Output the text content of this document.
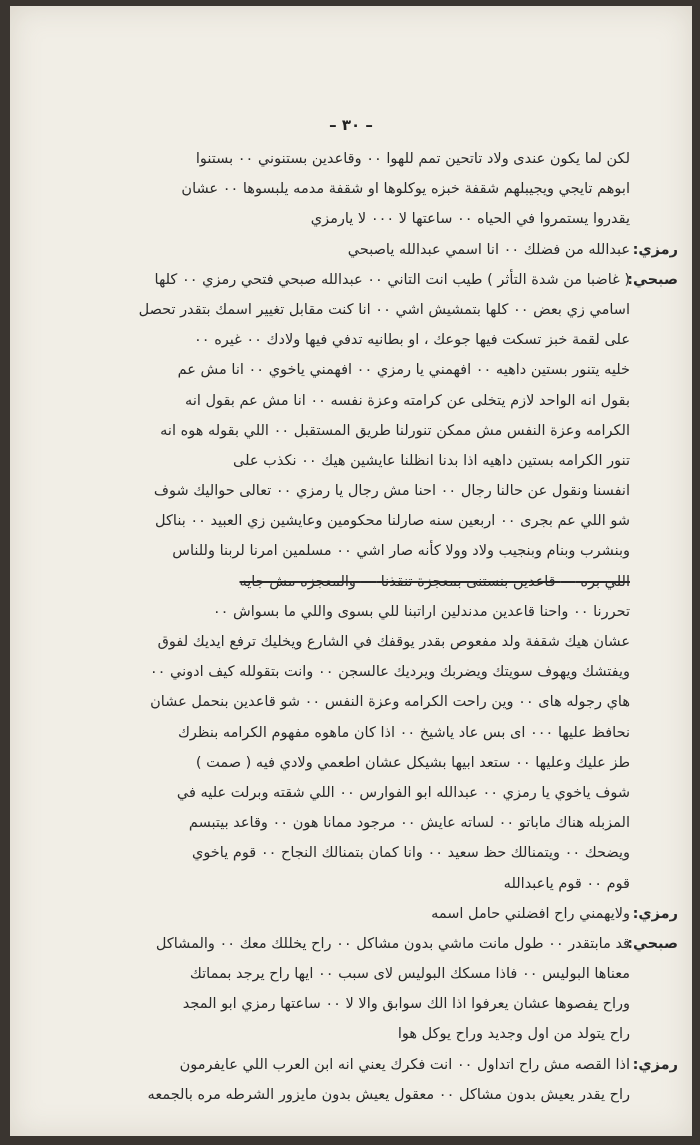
– ٣٠ –
لكن لما يكون عندى ولاد تاتحين تمم للهوا ٠٠ وقاعدين بستنوني ٠٠ بستنوا
ابوهم تايجي ويجيبلهم شقفة خبزه يوكلوها او شقفة مدمه يلبسوها ٠٠ عشان
يقدروا يستمروا في الحياه ٠٠ ساعتها لا ٠٠٠ لا يارمزي
رمزي:
عبدالله من فضلك ٠٠ انا اسمي عبدالله ياصبحي
صبحي:
( غاضبا من شدة التأثر ) طيب انت التاني ٠٠ عبدالله صبحي فتحي رمزي ٠٠ كلها
اسامي زي بعض ٠٠ كلها بتمشيش اشي ٠٠ انا كنت مقابل تغيير اسمك بتقدر تحصل
على لقمة خبز تسكت فيها جوعك ، او بطانيه تدفي فيها ولادك ٠٠ غيره ٠٠
خليه يتنور بستين داهيه ٠٠ افهمني يا رمزي ٠٠ افهمني ياخوي ٠٠ انا مش عم
بقول انه الواحد لازم يتخلى عن كرامته وعزة نفسه ٠٠ انا مش عم بقول انه
الكرامه وعزة النفس مش ممكن تنورلنا طريق المستقبل ٠٠ اللي بقوله هوه انه
تنور الكرامه بستين داهيه اذا بدنا انظلنا عايشين هيك ٠٠ نكذب على
انفسنا ونقول عن حالنا رجال ٠٠ احنا مش رجال يا رمزي ٠٠ تعالى حواليك شوف
شو اللي عم بجرى ٠٠ اربعين سنه صارلنا محكومين وعايشين زي العبيد ٠٠ بناكل
وبنشرب وبنام وبنجيب ولاد وولا كأنه صار اشي ٠٠ مسلمين امرنا لربنا وللناس
اللي بره ٠٠ قاعدين بنستنى بمعجزة تنقذنا ٠٠ والمعجزه مش جايه
تحررنا ٠٠ واحنا قاعدين مدندلين اراتبنا للي بسوى واللي ما بسواش ٠٠
عشان هيك شقفة ولد مفعوص بقدر يوقفك في الشارع ويخليك ترفع ايديك لفوق
ويفتشك ويهوف سويتك ويضربك ويرديك عالسجن ٠٠ وانت بتقولله كيف ادوني ٠٠
هاي رجوله هاى ٠٠ وين راحت الكرامه وعزة النفس ٠٠ شو قاعدين بنحمل عشان
نحافظ عليها ٠٠٠ اى بس عاد ياشيخ ٠٠ اذا كان ماهوه مفهوم الكرامه بنظرك
طز عليك وعليها ٠٠ ستعد ابيها بشيكل عشان اطعمي ولادي فيه ( صمت )
شوف ياخوي يا رمزي ٠٠ عبدالله ابو الفوارس ٠٠ اللي شقته وبرلت عليه في
المزبله هناك ماباتو ٠٠ لساته عايش ٠٠ مرجود ممانا هون ٠٠ وقاعد بيتبسم
ويضحك ٠٠ ويتمنالك حظ سعيد ٠٠ وانا كمان بتمنالك النجاح ٠٠ قوم ياخوي
قوم ٠٠ قوم ياعبدالله
رمزي:
ولايهمني راح افضلني حامل اسمه
صبحي:
قد مابتقدر ٠٠ طول مانت ماشي بدون مشاكل ٠٠ راح يخللك معك ٠٠ والمشاكل
معناها البوليس ٠٠ فاذا مسكك البوليس لاى سبب ٠٠ ايها راح يرجد بمماتك
وراح يفصوها عشان يعرفوا اذا الك سوابق والا لا ٠٠ ساعتها رمزي ابو المجد
راح يتولد من اول وجديد وراح يوكل هوا
رمزي:
اذا القصه مش راح اتداول ٠٠ انت فكرك يعني انه ابن العرب اللي عايفرمون
راح يقدر يعيش بدون مشاكل ٠٠ معقول يعيش بدون مايزور الشرطه مره بالجمعه
